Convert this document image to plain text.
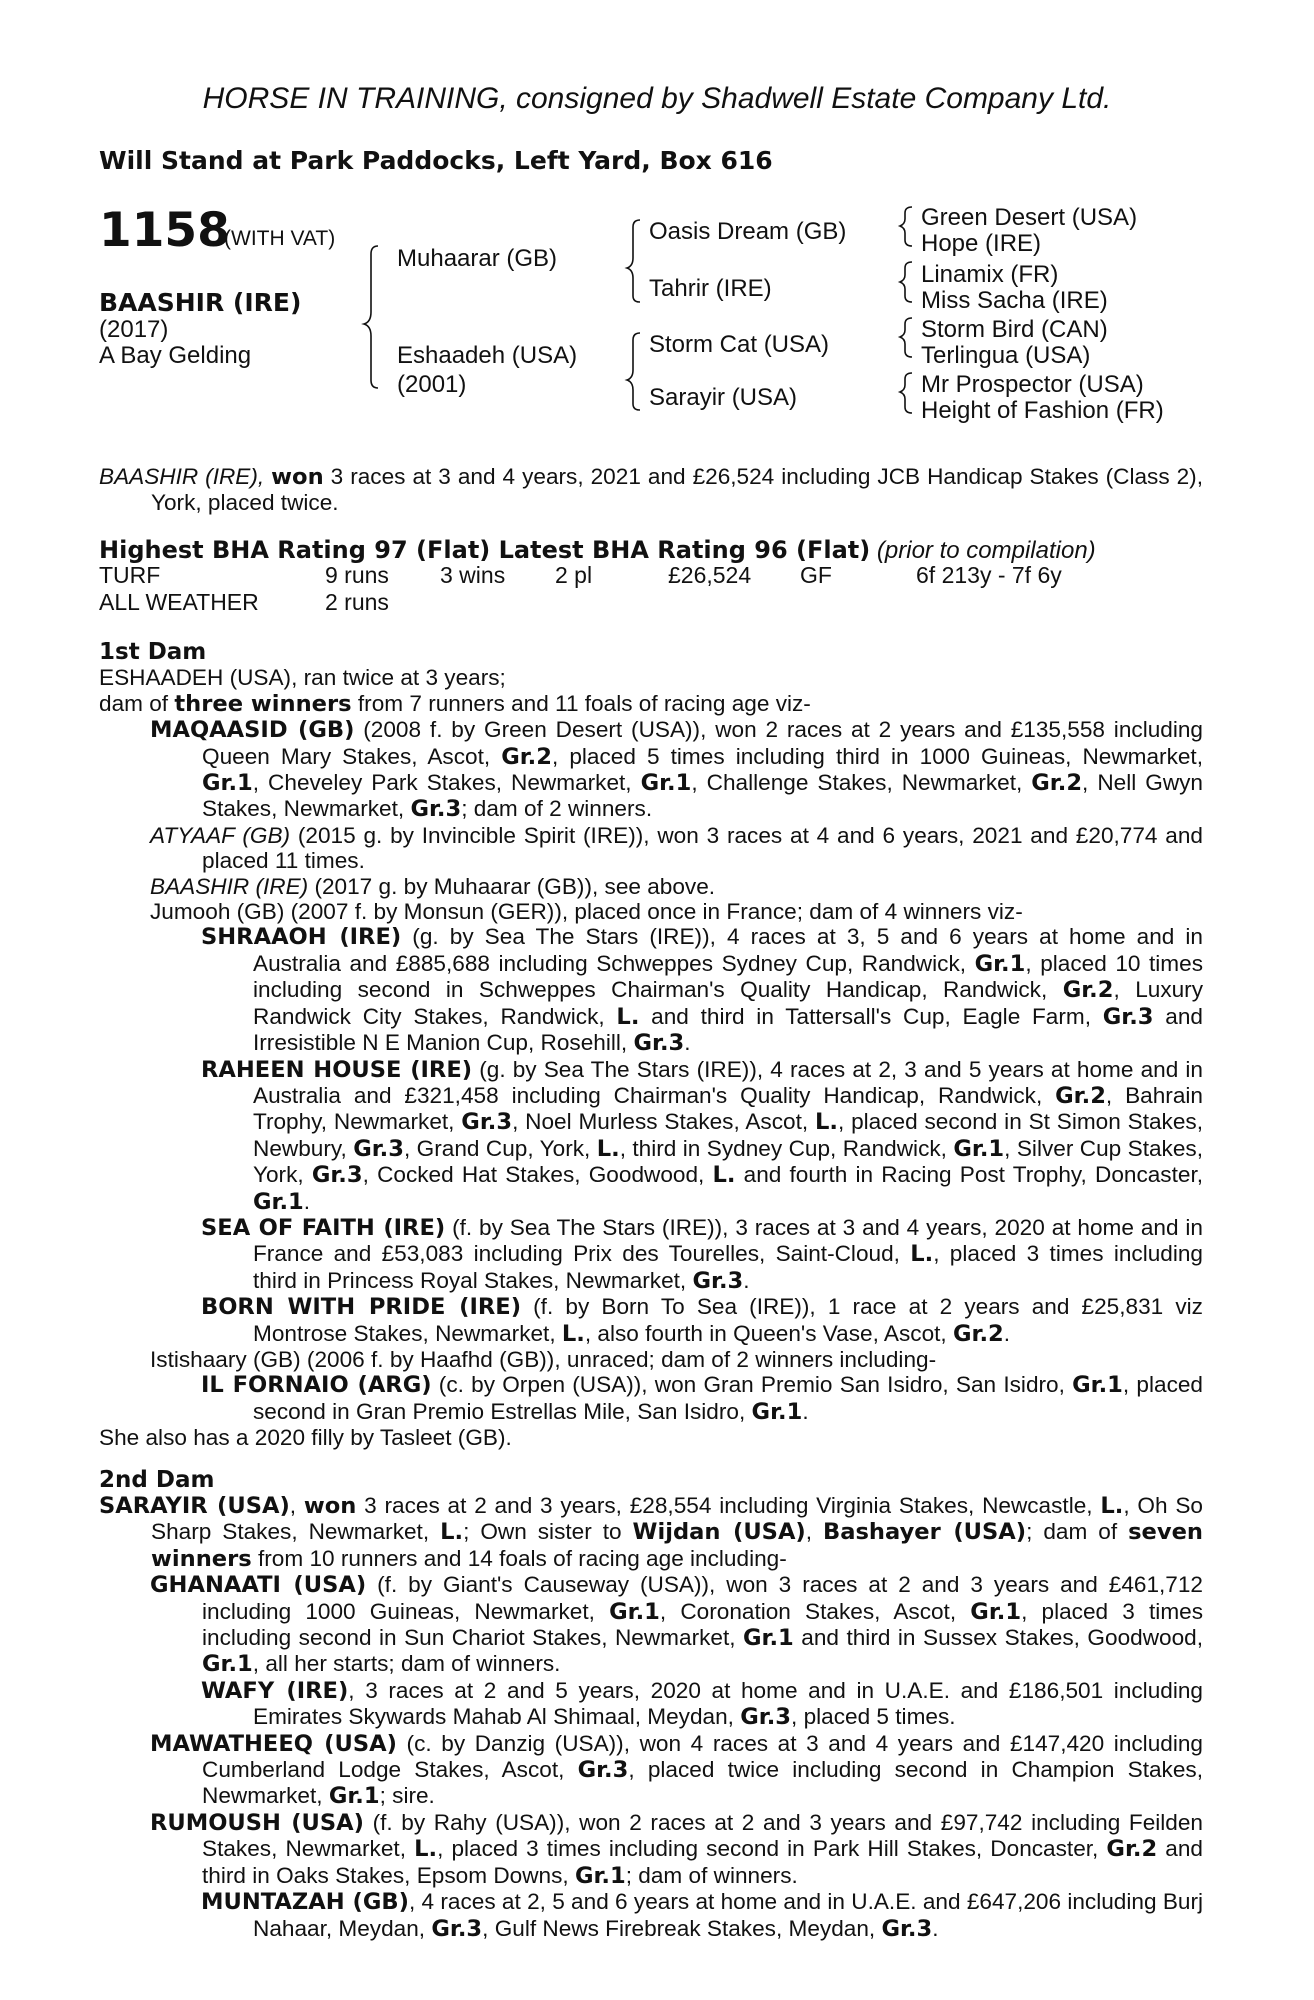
HORSE IN TRAINING, consigned by Shadwell Estate Company Ltd.
Will Stand at Park Paddocks, Left Yard, Box 616
1158
(WITH VAT)
BAASHIR (IRE)
(2017)
A Bay Gelding
Muhaarar (GB)
Eshaadeh (USA)
(2001)
Oasis Dream (GB)
Tahrir (IRE)
Storm Cat (USA)
Sarayir (USA)
Green Desert (USA)
Hope (IRE)
Linamix (FR)
Miss Sacha (IRE)
Storm Bird (CAN)
Terlingua (USA)
Mr Prospector (USA)
Height of Fashion (FR)

BAASHIR (IRE), won 3 races at 3 and 4 years, 2021 and £26,524 including JCB Handicap Stakes (Class 2), York, placed twice.

Highest BHA Rating 97 (Flat) Latest BHA Rating 96 (Flat) (prior to compilation)
TURF	9 runs 3 wins 2 pl	£26,524 GF	6f 213y - 7f 6y
ALL WEATHER	2 runs
1st Dam

ESHAADEH (USA), ran twice at 3 years;

dam of three winners from 7 runners and 11 foals of racing age viz-

MAQAASID (GB) (2008 f. by Green Desert (USA)), won 2 races at 2 years and £135,558 including Queen Mary Stakes, Ascot, Gr.2, placed 5 times including third in 1000 Guineas, Newmarket, Gr.1, Cheveley Park Stakes, Newmarket, Gr.1, Challenge Stakes, Newmarket, Gr.2, Nell Gwyn Stakes, Newmarket, Gr.3; dam of 2 winners.

ATYAAF (GB) (2015 g. by Invincible Spirit (IRE)), won 3 races at 4 and 6 years, 2021 and £20,774 and placed 11 times.

BAASHIR (IRE) (2017 g. by Muhaarar (GB)), see above.

Jumooh (GB) (2007 f. by Monsun (GER)), placed once in France; dam of 4 winners viz-

SHRAAOH (IRE) (g. by Sea The Stars (IRE)), 4 races at 3, 5 and 6 years at home and in Australia and £885,688 including Schweppes Sydney Cup, Randwick, Gr.1, placed 10 times including second in Schweppes Chairman's Quality Handicap, Randwick, Gr.2, Luxury Randwick City Stakes, Randwick, L. and third in Tattersall's Cup, Eagle Farm, Gr.3 and Irresistible N E Manion Cup, Rosehill, Gr.3.

RAHEEN HOUSE (IRE) (g. by Sea The Stars (IRE)), 4 races at 2, 3 and 5 years at home and in Australia and £321,458 including Chairman's Quality Handicap, Randwick, Gr.2, Bahrain Trophy, Newmarket, Gr.3, Noel Murless Stakes, Ascot, L., placed second in St Simon Stakes, Newbury, Gr.3, Grand Cup, York, L., third in Sydney Cup, Randwick, Gr.1, Silver Cup Stakes, York, Gr.3, Cocked Hat Stakes, Goodwood, L. and fourth in Racing Post Trophy, Doncaster, Gr.1.

SEA OF FAITH (IRE) (f. by Sea The Stars (IRE)), 3 races at 3 and 4 years, 2020 at home and in France and £53,083 including Prix des Tourelles, Saint-Cloud, L., placed 3 times including third in Princess Royal Stakes, Newmarket, Gr.3.

BORN WITH PRIDE (IRE) (f. by Born To Sea (IRE)), 1 race at 2 years and £25,831 viz Montrose Stakes, Newmarket, L., also fourth in Queen's Vase, Ascot, Gr.2.

Istishaary (GB) (2006 f. by Haafhd (GB)), unraced; dam of 2 winners including-

IL FORNAIO (ARG) (c. by Orpen (USA)), won Gran Premio San Isidro, San Isidro, Gr.1, placed second in Gran Premio Estrellas Mile, San Isidro, Gr.1.

She also has a 2020 filly by Tasleet (GB).

2nd Dam

SARAYIR (USA), won 3 races at 2 and 3 years, £28,554 including Virginia Stakes, Newcastle, L., Oh So Sharp Stakes, Newmarket, L.; Own sister to Wijdan (USA), Bashayer (USA); dam of seven winners from 10 runners and 14 foals of racing age including-

GHANAATI (USA) (f. by Giant's Causeway (USA)), won 3 races at 2 and 3 years and £461,712 including 1000 Guineas, Newmarket, Gr.1, Coronation Stakes, Ascot, Gr.1, placed 3 times including second in Sun Chariot Stakes, Newmarket, Gr.1 and third in Sussex Stakes, Goodwood, Gr.1, all her starts; dam of winners.

WAFY (IRE), 3 races at 2 and 5 years, 2020 at home and in U.A.E. and £186,501 including Emirates Skywards Mahab Al Shimaal, Meydan, Gr.3, placed 5 times.

MAWATHEEQ (USA) (c. by Danzig (USA)), won 4 races at 3 and 4 years and £147,420 including Cumberland Lodge Stakes, Ascot, Gr.3, placed twice including second in Champion Stakes, Newmarket, Gr.1; sire.

RUMOUSH (USA) (f. by Rahy (USA)), won 2 races at 2 and 3 years and £97,742 including Feilden Stakes, Newmarket, L., placed 3 times including second in Park Hill Stakes, Doncaster, Gr.2 and third in Oaks Stakes, Epsom Downs, Gr.1; dam of winners.

MUNTAZAH (GB), 4 races at 2, 5 and 6 years at home and in U.A.E. and £647,206 including Burj Nahaar, Meydan, Gr.3, Gulf News Firebreak Stakes, Meydan, Gr.3.
